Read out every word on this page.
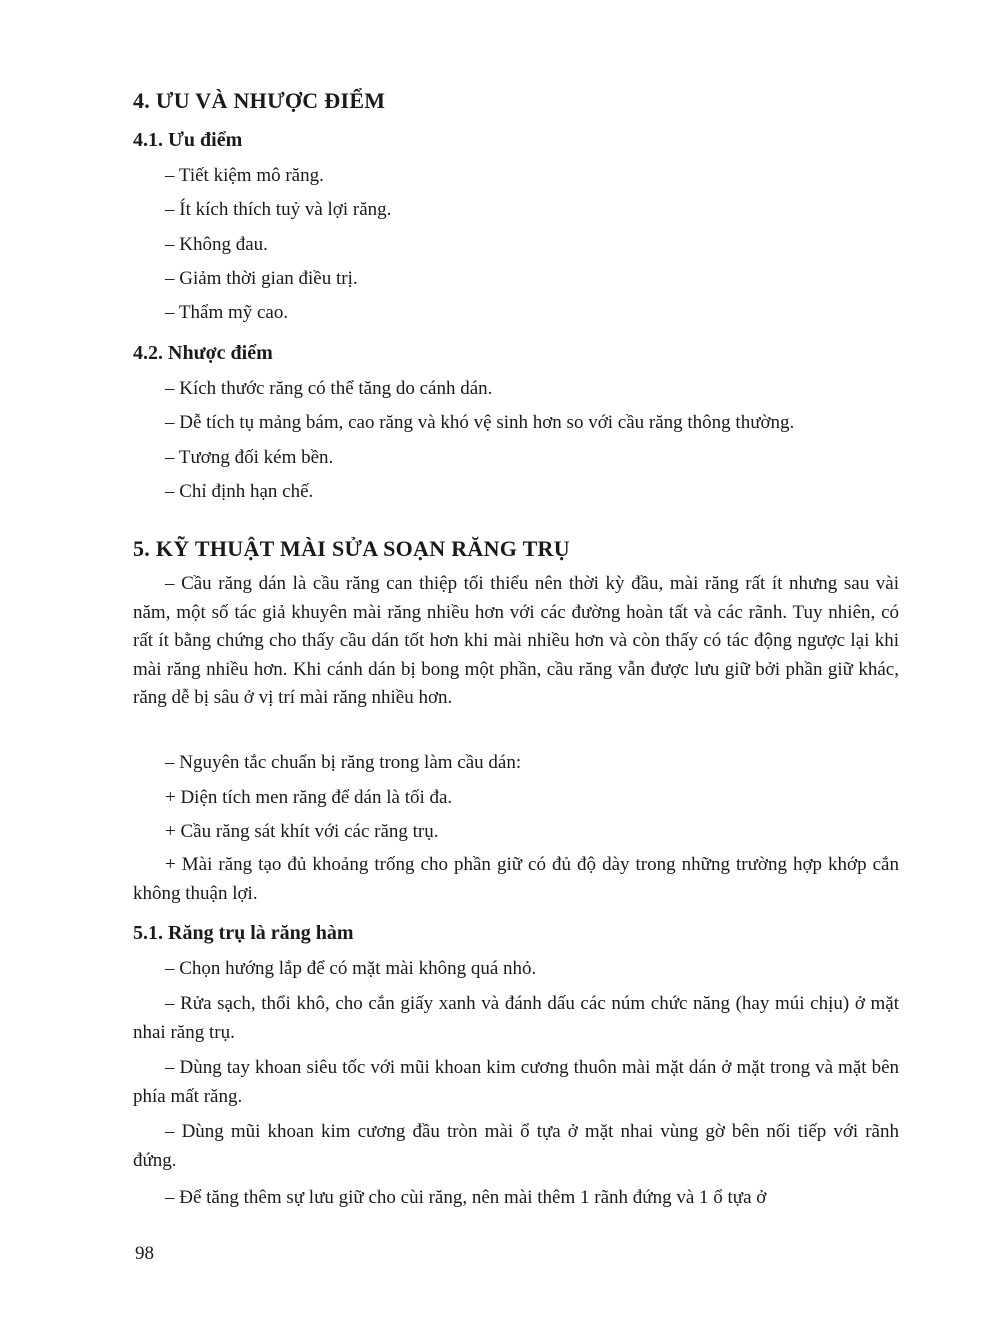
4. ƯU VÀ NHƯỢC ĐIỂM
4.1. Ưu điểm
– Tiết kiệm mô răng.
– Ít kích thích tuỷ và lợi răng.
– Không đau.
– Giảm thời gian điều trị.
– Thẩm mỹ cao.
4.2. Nhược điểm
– Kích thước răng có thể tăng do cánh dán.
– Dễ tích tụ mảng bám, cao răng và khó vệ sinh hơn so với cầu răng thông thường.
– Tương đối kém bền.
– Chỉ định hạn chế.
5. KỸ THUẬT MÀI SỬA SOẠN RĂNG TRỤ
– Cầu răng dán là cầu răng can thiệp tối thiểu nên thời kỳ đầu, mài răng rất ít nhưng sau vài năm, một số tác giả khuyên mài răng nhiều hơn với các đường hoàn tất và các rãnh. Tuy nhiên, có rất ít bằng chứng cho thấy cầu dán tốt hơn khi mài nhiều hơn và còn thấy có tác động ngược lại khi mài răng nhiều hơn. Khi cánh dán bị bong một phần, cầu răng vẫn được lưu giữ bởi phần giữ khác, răng dễ bị sâu ở vị trí mài răng nhiều hơn.
– Nguyên tắc chuẩn bị răng trong làm cầu dán:
+ Diện tích men răng để dán là tối đa.
+ Cầu răng sát khít với các răng trụ.
+ Mài răng tạo đủ khoảng trống cho phần giữ có đủ độ dày trong những trường hợp khớp cắn không thuận lợi.
5.1. Răng trụ là răng hàm
– Chọn hướng lắp để có mặt mài không quá nhỏ.
– Rửa sạch, thổi khô, cho cắn giấy xanh và đánh dấu các núm chức năng (hay múi chịu) ở mặt nhai răng trụ.
– Dùng tay khoan siêu tốc với mũi khoan kim cương thuôn mài mặt dán ở mặt trong và mặt bên phía mất răng.
– Dùng mũi khoan kim cương đầu tròn mài ổ tựa ở mặt nhai vùng gờ bên nối tiếp với rãnh đứng.
– Để tăng thêm sự lưu giữ cho cùi răng, nên mài thêm 1 rãnh đứng và 1 ổ tựa ở
98
